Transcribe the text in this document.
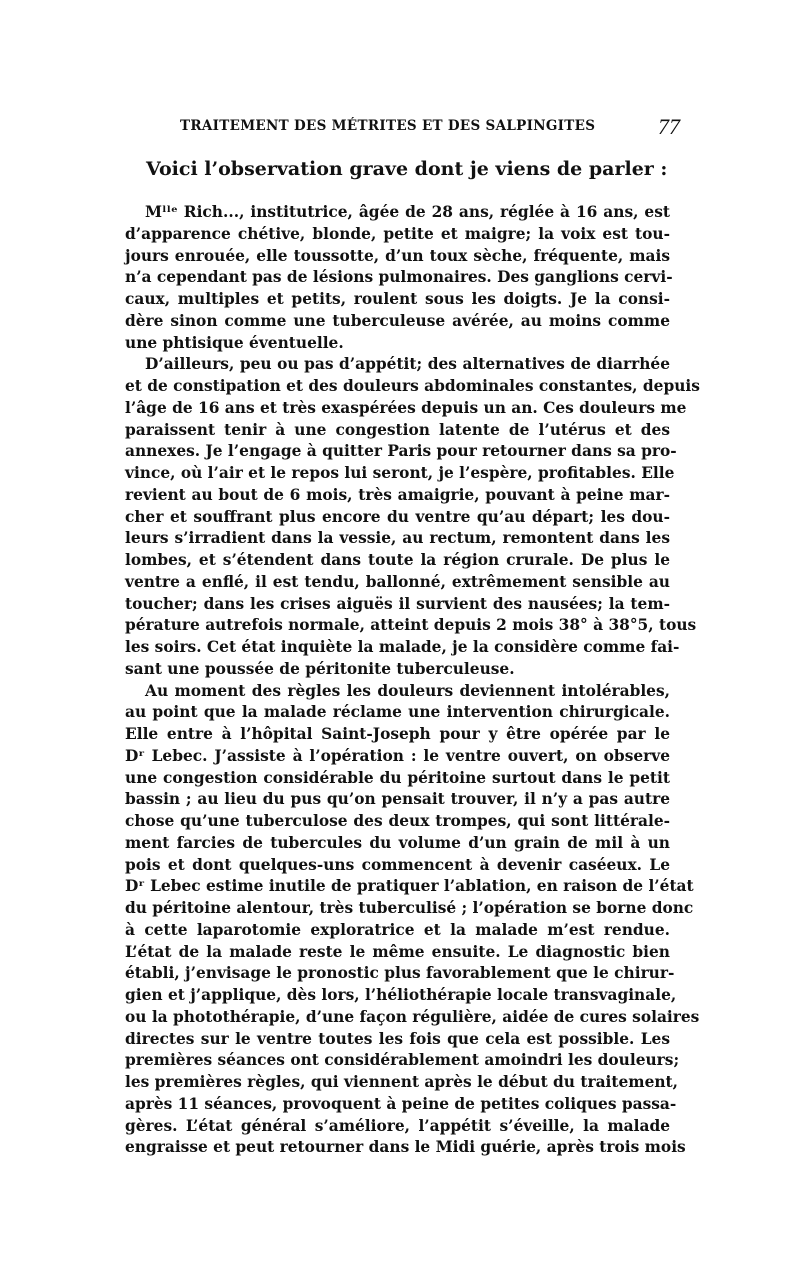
TRAITEMENT DES MÉTRITES ET DES SALPINGITES	77
Voici l’observation grave dont je viens de parler :
Mˡˡᵉ Rich..., institutrice, âgée de 28 ans, réglée à 16 ans, est
d’apparence chétive, blonde, petite et maigre; la voix est tou-
jours enrouée, elle toussotte, d’un toux sèche, fréquente, mais
n’a cependant pas de lésions pulmonaires. Des ganglions cervi-
caux, multiples et petits, roulent sous les doigts. Je la consi-
dère sinon comme une tuberculeuse avérée, au moins comme
une phtisique éventuelle.
D’ailleurs, peu ou pas d’appétit; des alternatives de diarrhée
et de constipation et des douleurs abdominales constantes, depuis
l’âge de 16 ans et très exaspérées depuis un an. Ces douleurs me
paraissent tenir à une congestion latente de l’utérus et des
annexes. Je l’engage à quitter Paris pour retourner dans sa pro-
vince, où l’air et le repos lui seront, je l’espère, profitables. Elle
revient au bout de 6 mois, très amaigrie, pouvant à peine mar-
cher et souffrant plus encore du ventre qu’au départ; les dou-
leurs s’irradient dans la vessie, au rectum, remontent dans les
lombes, et s’étendent dans toute la région crurale. De plus le
ventre a enflé, il est tendu, ballonné, extrêmement sensible au
toucher; dans les crises aiguës il survient des nausées; la tem-
pérature autrefois normale, atteint depuis 2 mois 38° à 38°5, tous
les soirs. Cet état inquiète la malade, je la considère comme fai-
sant une poussée de péritonite tuberculeuse.
Au moment des règles les douleurs deviennent intolérables,
au point que la malade réclame une intervention chirurgicale.
Elle entre à l’hôpital Saint-Joseph pour y être opérée par le
Dʳ Lebec. J’assiste à l’opération : le ventre ouvert, on observe
une congestion considérable du péritoine surtout dans le petit
bassin ; au lieu du pus qu’on pensait trouver, il n’y a pas autre
chose qu’une tuberculose des deux trompes, qui sont littérale-
ment farcies de tubercules du volume d’un grain de mil à un
pois et dont quelques-uns commencent à devenir caséeux. Le
Dʳ Lebec estime inutile de pratiquer l’ablation, en raison de l’état
du péritoine alentour, très tuberculisé ; l’opération se borne donc
à cette laparotomie exploratrice et la malade m’est rendue.
L’état de la malade reste le même ensuite. Le diagnostic bien
établi, j’envisage le pronostic plus favorablement que le chirur-
gien et j’applique, dès lors, l’héliothérapie locale transvaginale,
ou la photothérapie, d’une façon régulière, aidée de cures solaires
directes sur le ventre toutes les fois que cela est possible. Les
premières séances ont considérablement amoindri les douleurs;
les premières règles, qui viennent après le début du traitement,
après 11 séances, provoquent à peine de petites coliques passa-
gères. L’état général s’améliore, l’appétit s’éveille, la malade
engraisse et peut retourner dans le Midi guérie, après trois mois
